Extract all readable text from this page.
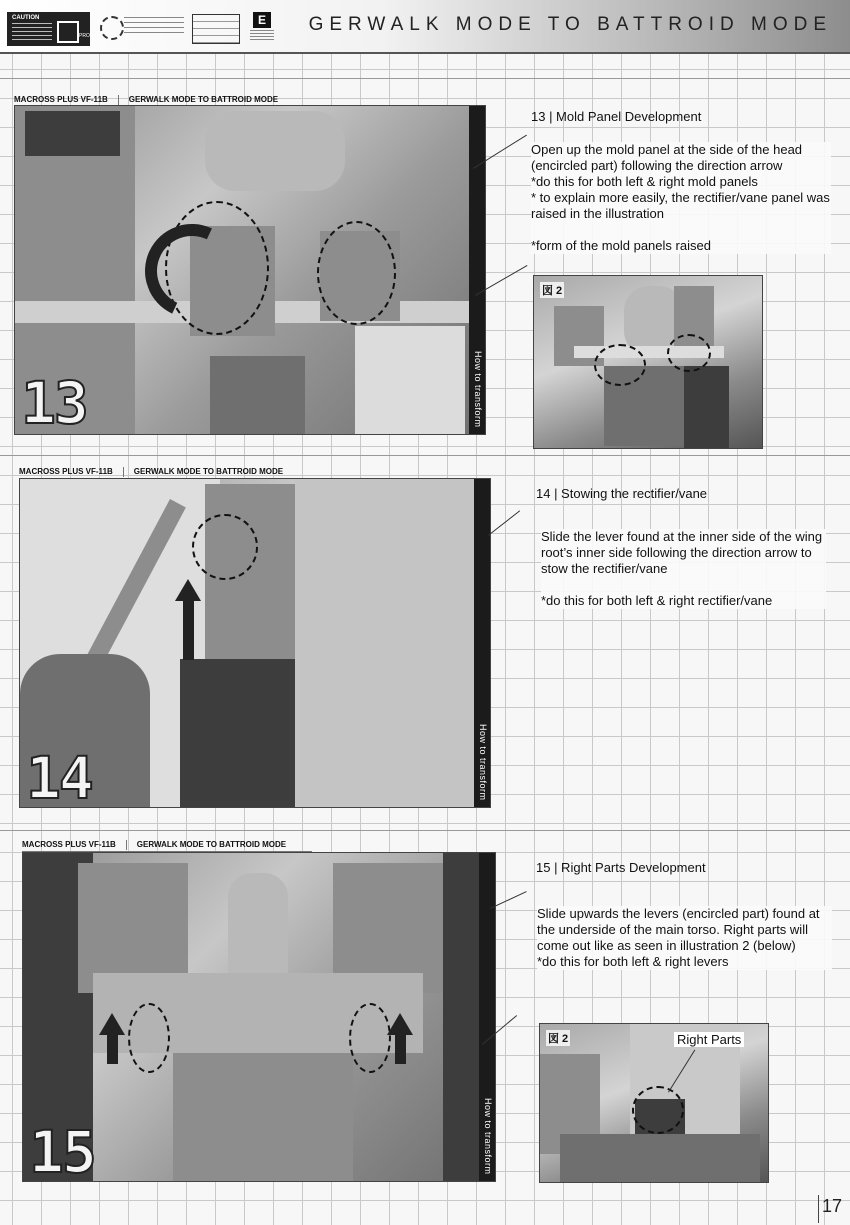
CAUTION
PRO
E GERWALK MODE TO BATTROID MODE
MACROSS PLUS VF-11B	GERWALK MODE TO BATTROID MODE
13	How to transform
13 | Mold Panel Development
Open up the mold panel at the side of the head (encircled part) following the direction arrow
*do this for both left & right mold panels
* to explain more easily, the rectifier/vane panel was raised in the illustration

*form of the mold panels raised
図 2
MACROSS PLUS VF-11B	GERWALK MODE TO BATTROID MODE
14	How to transform
14 | Stowing the rectifier/vane
Slide the lever found at the inner side of the wing root’s inner side following the direction arrow to stow the rectifier/vane

*do this for both left & right rectifier/vane
MACROSS PLUS VF-11B	GERWALK MODE TO BATTROID MODE
15	How to transform
15 | Right Parts Development
Slide upwards the levers (encircled part) found at the underside of the main torso. Right parts will come out like as seen in illustration 2 (below)
*do this for both left & right levers
図 2	Right Parts
17
